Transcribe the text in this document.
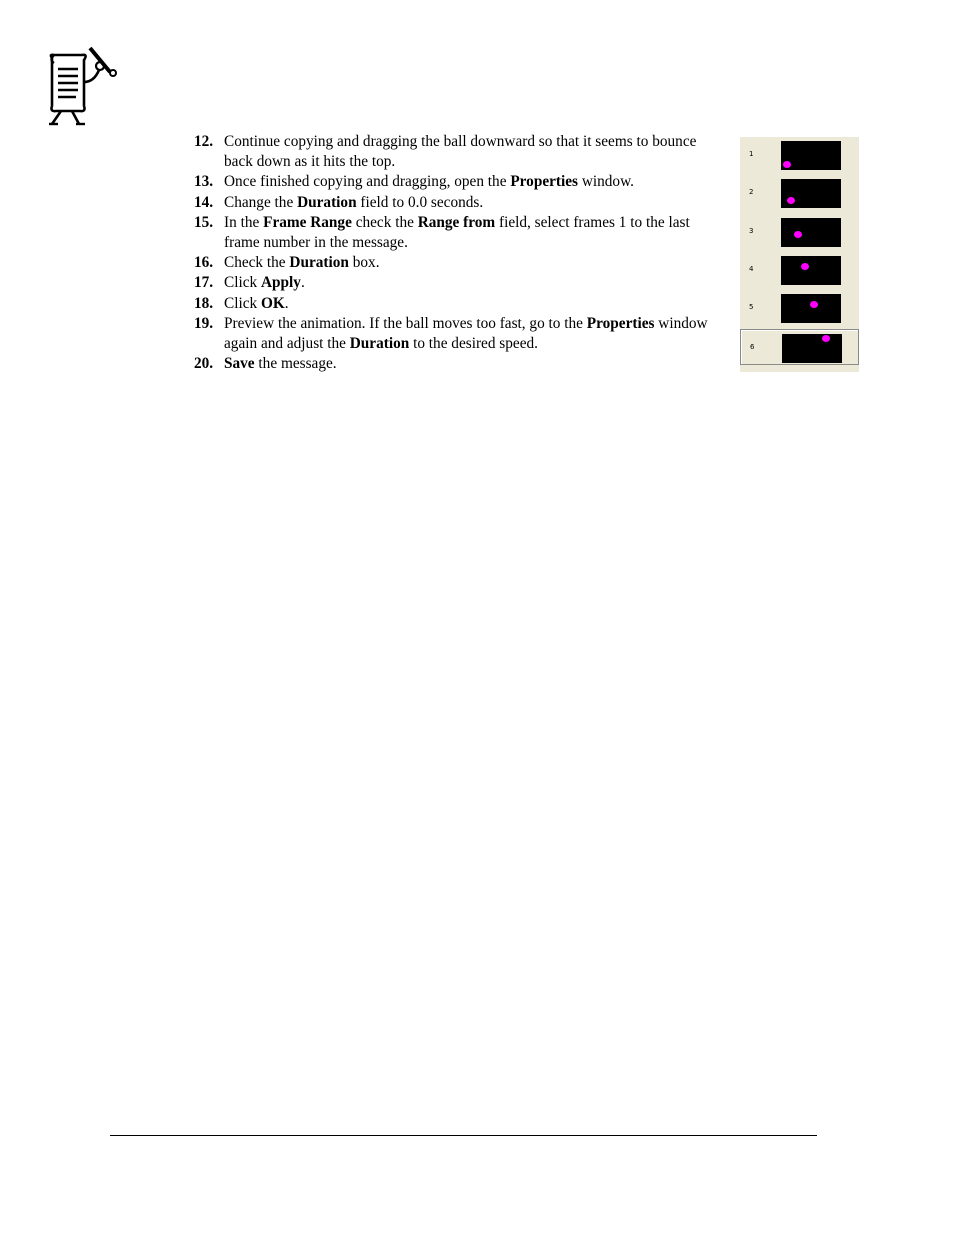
12. Continue copying and dragging the ball downward so that it seems to bounce back down as it hits the top.
13. Once finished copying and dragging, open the Properties window.
14. Change the Duration field to 0.0 seconds.
15. In the Frame Range check the Range from field, select frames 1 to the last frame number in the message.
16. Check the Duration box.
17. Click Apply.
18. Click OK.
19. Preview the animation. If the ball moves too fast, go to the Properties window again and adjust the Duration to the desired speed.
20. Save the message.
1
2
3
4
5
6
